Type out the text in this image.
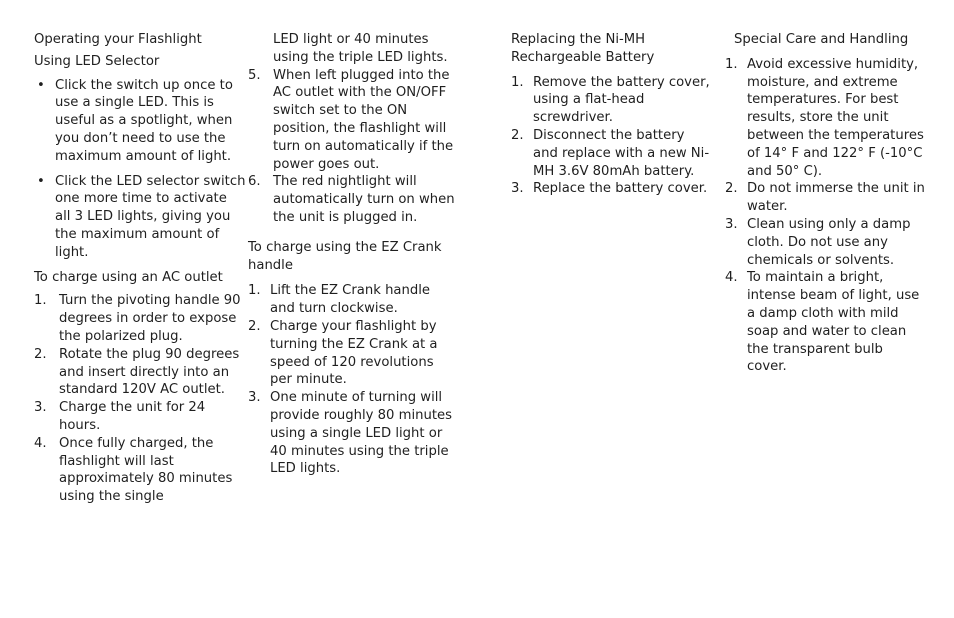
Operating your Flashlight

Using LED Selector

• Click the switch up once to use a single LED. This is useful as a spotlight, when you don’t need to use the maximum amount of light.
• Click the LED selector switch one more time to activate all 3 LED lights, giving you the maximum amount of light.

To charge using an AC outlet

1. Turn the pivoting handle 90 degrees in order to expose the polarized plug.
2. Rotate the plug 90 degrees and insert directly into an standard 120V AC outlet.
3. Charge the unit for 24 hours.
4. Once fully charged, the flashlight will last approximately 80 minutes using the single

LED light or 40 minutes using the triple LED lights.

5. When left plugged into the AC outlet with the ON/OFF switch set to the ON position, the flashlight will turn on automatically if the power goes out.
6. The red nightlight will automatically turn on when the unit is plugged in.

To charge using the EZ Crank handle

1. Lift the EZ Crank handle and turn clockwise.
2. Charge your flashlight by turning the EZ Crank at a speed of 120 revolutions per minute.
3. One minute of turning will provide roughly 80 minutes using a single LED light or 40 minutes using the triple LED lights.

Replacing the Ni-MH Rechargeable Battery

1. Remove the battery cover, using a flat-head screwdriver.
2. Disconnect the battery and replace with a new Ni-MH 3.6V 80mAh battery.
3. Replace the battery cover.

Special Care and Handling

1. Avoid excessive humidity, moisture, and extreme temperatures. For best results, store the unit between the temperatures of 14° F and 122° F (-10°C and 50° C).
2. Do not immerse the unit in water.
3. Clean using only a damp cloth. Do not use any chemicals or solvents.
4. To maintain a bright, intense beam of light, use a damp cloth with mild soap and water to clean the transparent bulb cover.
